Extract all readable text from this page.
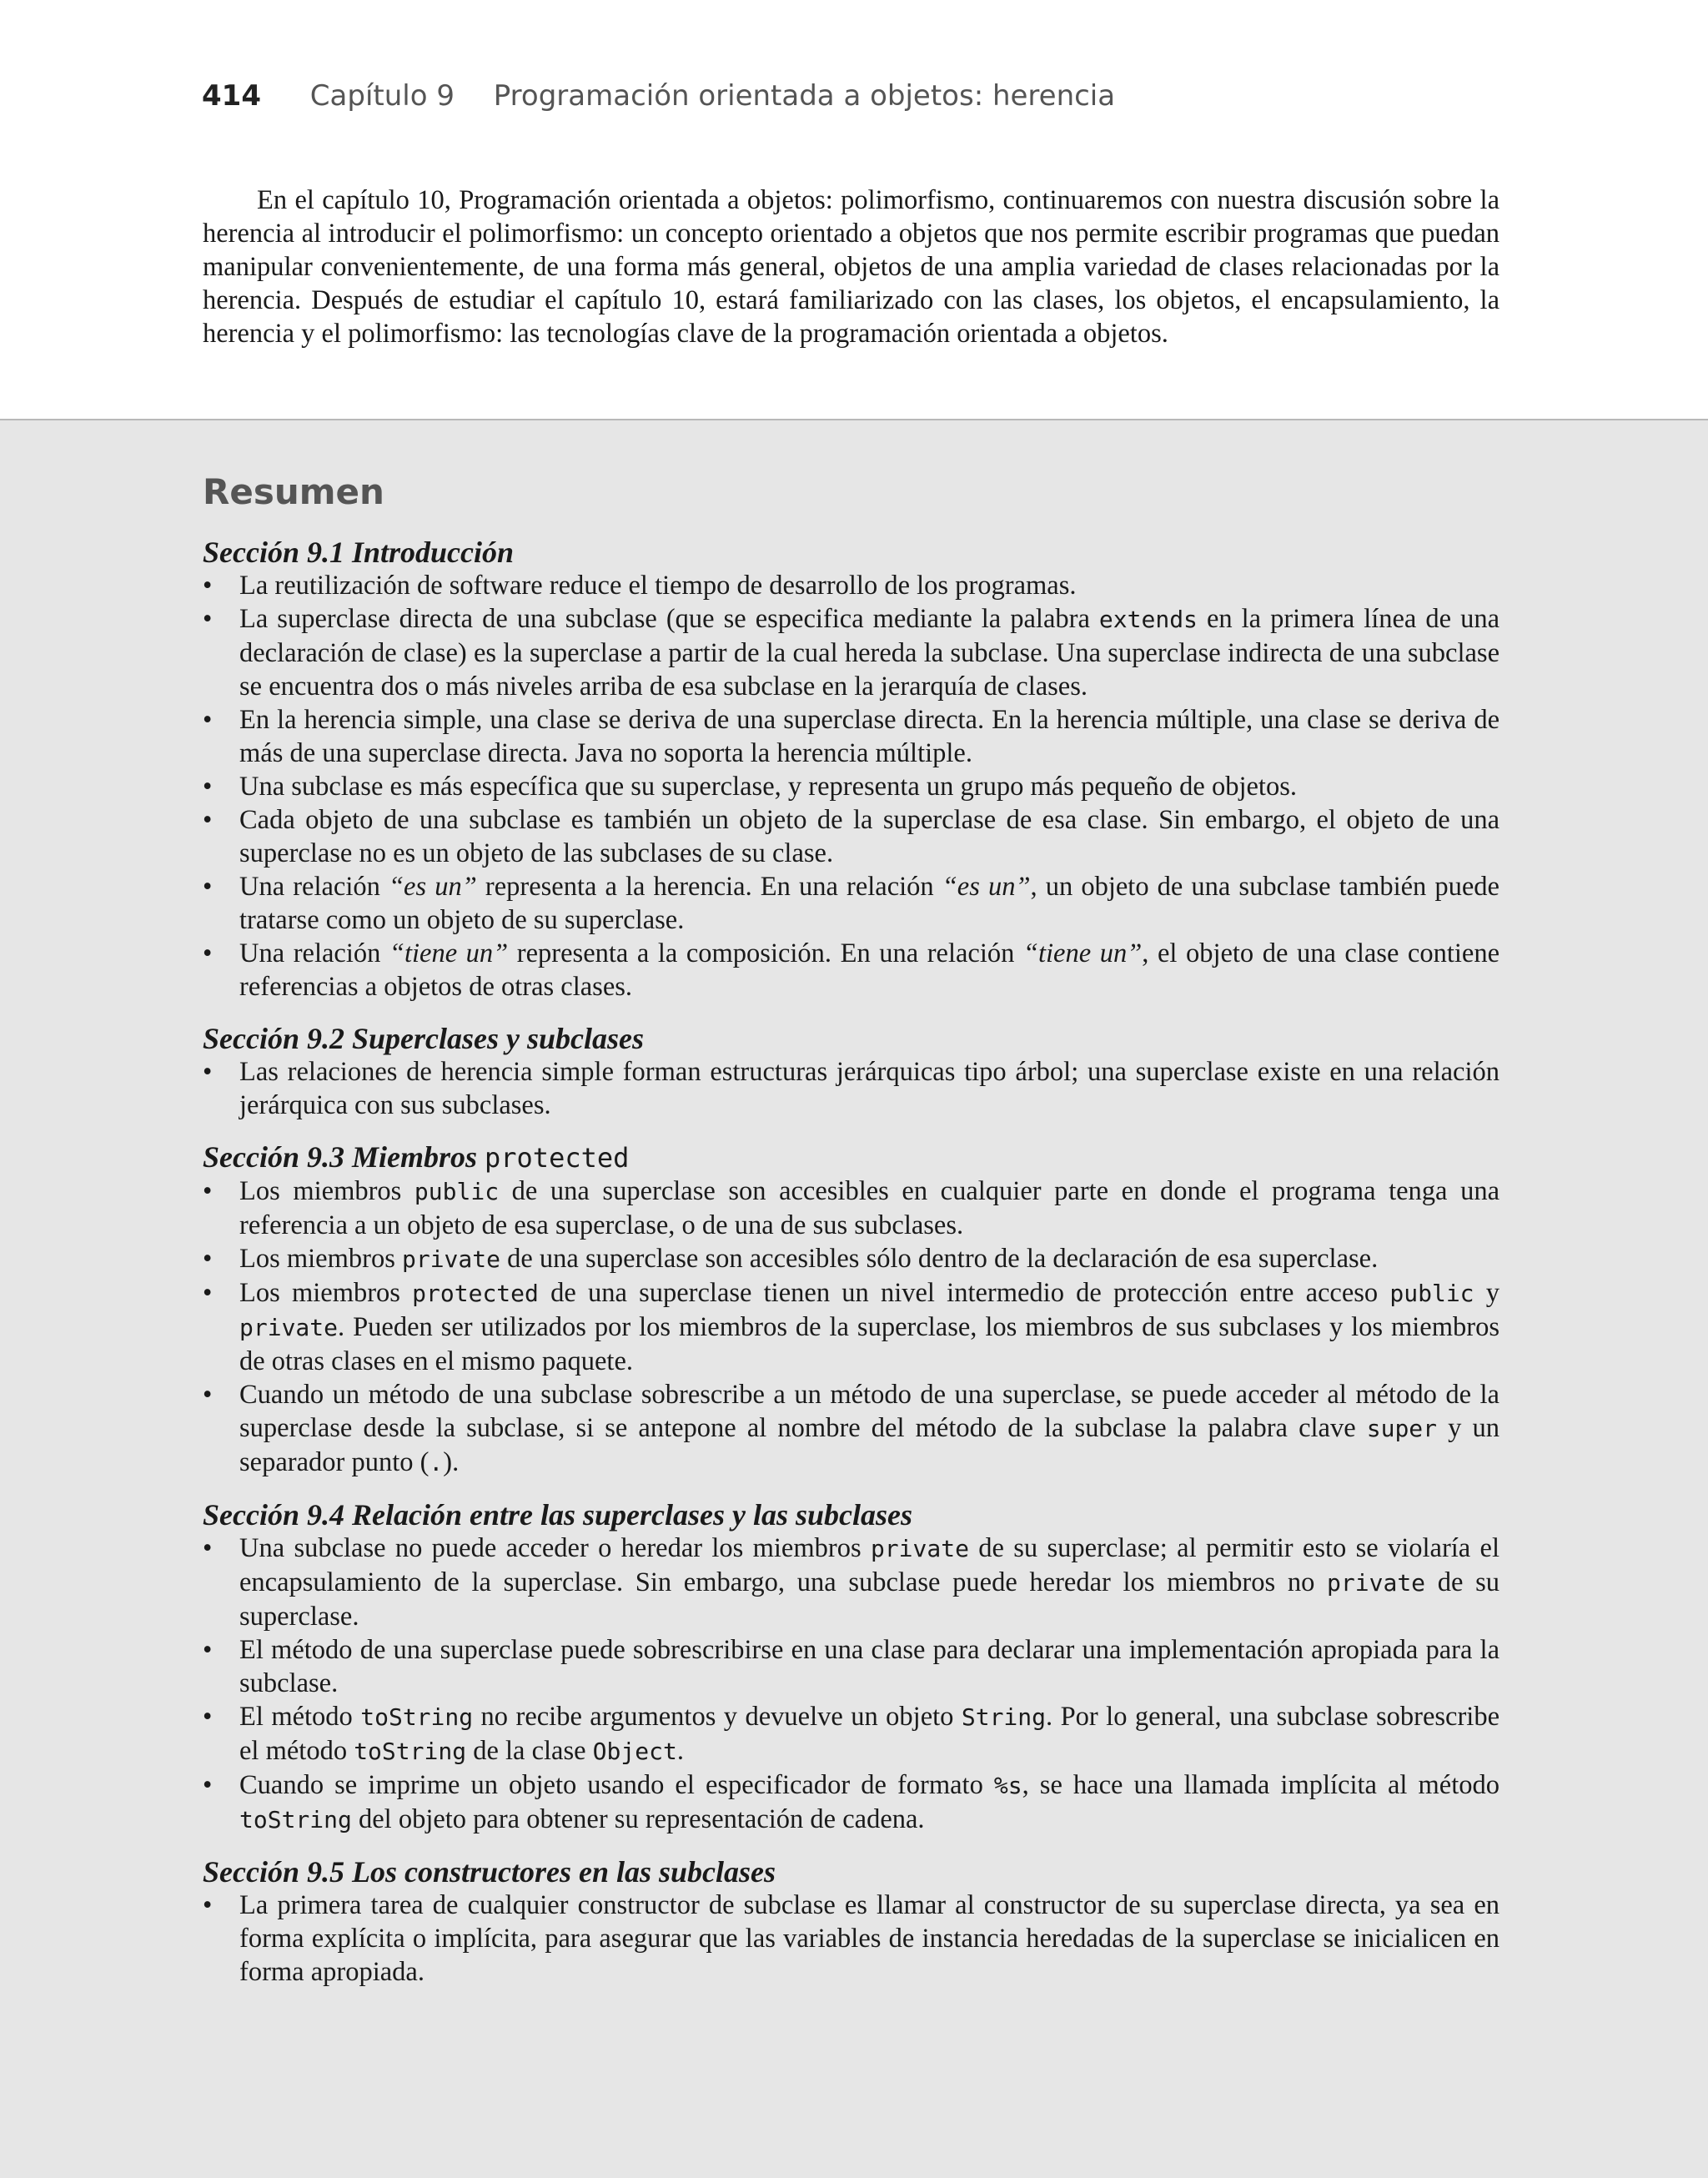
414 Capítulo 9 Programación orientada a objetos: herencia

En el capítulo 10, Programación orientada a objetos: polimorfismo, continuaremos con nuestra discusión sobre la herencia al introducir el polimorfismo: un concepto orientado a objetos que nos permite escribir programas que puedan manipular convenientemente, de una forma más general, objetos de una amplia variedad de clases relacionadas por la herencia. Después de estudiar el capítulo 10, estará familiarizado con las clases, los objetos, el encapsulamiento, la herencia y el polimorfismo: las tecnologías clave de la programación orientada a objetos.

Resumen
Sección 9.1 Introducción
• La reutilización de software reduce el tiempo de desarrollo de los programas.
• La superclase directa de una subclase (que se especifica mediante la palabra extends en la primera línea de una declaración de clase) es la superclase a partir de la cual hereda la subclase. Una superclase indirecta de una subclase se encuentra dos o más niveles arriba de esa subclase en la jerarquía de clases.
• En la herencia simple, una clase se deriva de una superclase directa. En la herencia múltiple, una clase se deriva de más de una superclase directa. Java no soporta la herencia múltiple.
• Una subclase es más específica que su superclase, y representa un grupo más pequeño de objetos.
• Cada objeto de una subclase es también un objeto de la superclase de esa clase. Sin embargo, el objeto de una superclase no es un objeto de las subclases de su clase.
• Una relación “es un” representa a la herencia. En una relación “es un”, un objeto de una subclase también puede tratarse como un objeto de su superclase.
• Una relación “tiene un” representa a la composición. En una relación “tiene un”, el objeto de una clase contiene referencias a objetos de otras clases.
Sección 9.2 Superclases y subclases
• Las relaciones de herencia simple forman estructuras jerárquicas tipo árbol; una superclase existe en una relación jerárquica con sus subclases.
Sección 9.3 Miembros protected
• Los miembros public de una superclase son accesibles en cualquier parte en donde el programa tenga una referencia a un objeto de esa superclase, o de una de sus subclases.
• Los miembros private de una superclase son accesibles sólo dentro de la declaración de esa superclase.
• Los miembros protected de una superclase tienen un nivel intermedio de protección entre acceso public y private. Pueden ser utilizados por los miembros de la superclase, los miembros de sus subclases y los miembros de otras clases en el mismo paquete.
• Cuando un método de una subclase sobrescribe a un método de una superclase, se puede acceder al método de la superclase desde la subclase, si se antepone al nombre del método de la subclase la palabra clave super y un separador punto (.).
Sección 9.4 Relación entre las superclases y las subclases
• Una subclase no puede acceder o heredar los miembros private de su superclase; al permitir esto se violaría el encapsulamiento de la superclase. Sin embargo, una subclase puede heredar los miembros no private de su superclase.
• El método de una superclase puede sobrescribirse en una clase para declarar una implementación apropiada para la subclase.
• El método toString no recibe argumentos y devuelve un objeto String. Por lo general, una subclase sobrescribe el método toString de la clase Object.
• Cuando se imprime un objeto usando el especificador de formato %s, se hace una llamada implícita al método toString del objeto para obtener su representación de cadena.
Sección 9.5 Los constructores en las subclases
• La primera tarea de cualquier constructor de subclase es llamar al constructor de su superclase directa, ya sea en forma explícita o implícita, para asegurar que las variables de instancia heredadas de la superclase se inicialicen en forma apropiada.
